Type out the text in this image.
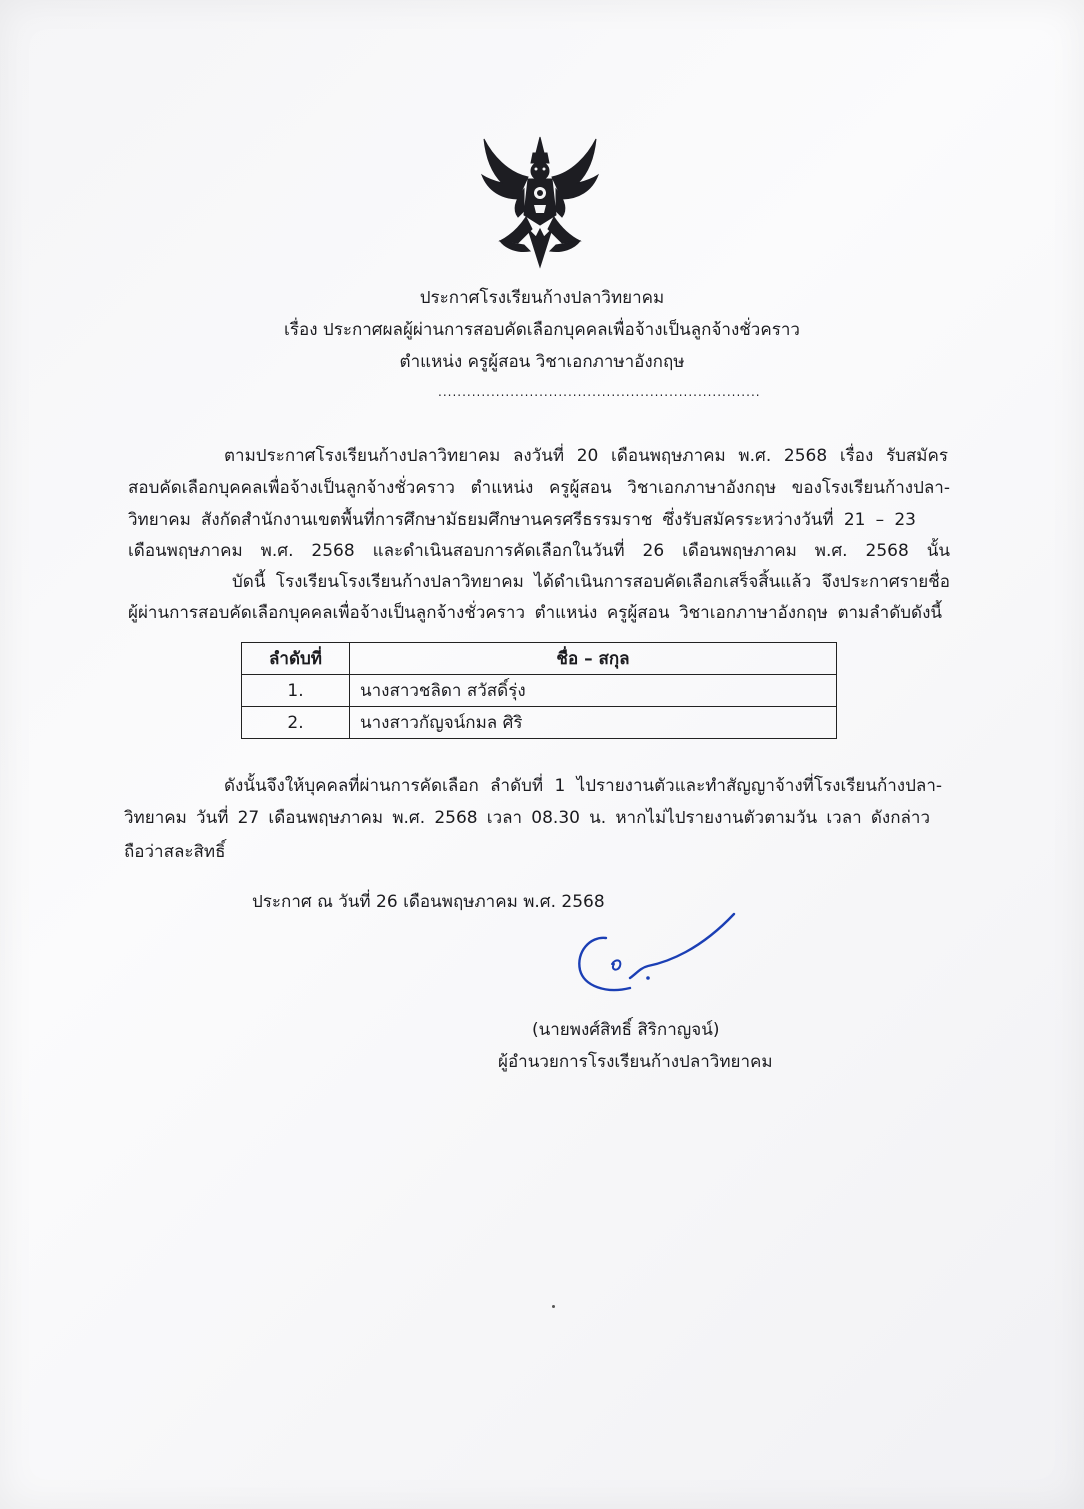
ประกาศโรงเรียนก้างปลาวิทยาคม
เรื่อง ประกาศผลผู้ผ่านการสอบคัดเลือกบุคคลเพื่อจ้างเป็นลูกจ้างชั่วคราว
ตำแหน่ง ครูผู้สอน วิชาเอกภาษาอังกฤษ
...................................................................
ตามประกาศโรงเรียนก้างปลาวิทยาคม ลงวันที่ 20 เดือนพฤษภาคม พ.ศ. 2568 เรื่อง รับสมัคร
สอบคัดเลือกบุคคลเพื่อจ้างเป็นลูกจ้างชั่วคราว ตำแหน่ง ครูผู้สอน วิชาเอกภาษาอังกฤษ ของโรงเรียนก้างปลา-
วิทยาคม สังกัดสำนักงานเขตพื้นที่การศึกษามัธยมศึกษานครศรีธรรมราช ซึ่งรับสมัครระหว่างวันที่ 21 – 23
เดือนพฤษภาคม พ.ศ. 2568 และดำเนินสอบการคัดเลือกในวันที่ 26 เดือนพฤษภาคม พ.ศ. 2568 นั้น
บัดนี้ โรงเรียนโรงเรียนก้างปลาวิทยาคม ได้ดำเนินการสอบคัดเลือกเสร็จสิ้นแล้ว จึงประกาศรายชื่อ
ผู้ผ่านการสอบคัดเลือกบุคคลเพื่อจ้างเป็นลูกจ้างชั่วคราว ตำแหน่ง ครูผู้สอน วิชาเอกภาษาอังกฤษ ตามลำดับดังนี้
ลำดับที่	ชื่อ – สกุล
1.	นางสาวชลิดา สวัสดิ์รุ่ง
2.	นางสาวกัญจน์กมล ศิริ
ดังนั้นจึงให้บุคคลที่ผ่านการคัดเลือก ลำดับที่ 1 ไปรายงานตัวและทำสัญญาจ้างที่โรงเรียนก้างปลา-
วิทยาคม วันที่ 27 เดือนพฤษภาคม พ.ศ. 2568 เวลา 08.30 น. หากไม่ไปรายงานตัวตามวัน เวลา ดังกล่าว
ถือว่าสละสิทธิ์
ประกาศ ณ วันที่ 26 เดือนพฤษภาคม พ.ศ. 2568
(นายพงศ์สิทธิ์ สิริกาญจน์)
ผู้อำนวยการโรงเรียนก้างปลาวิทยาคม
